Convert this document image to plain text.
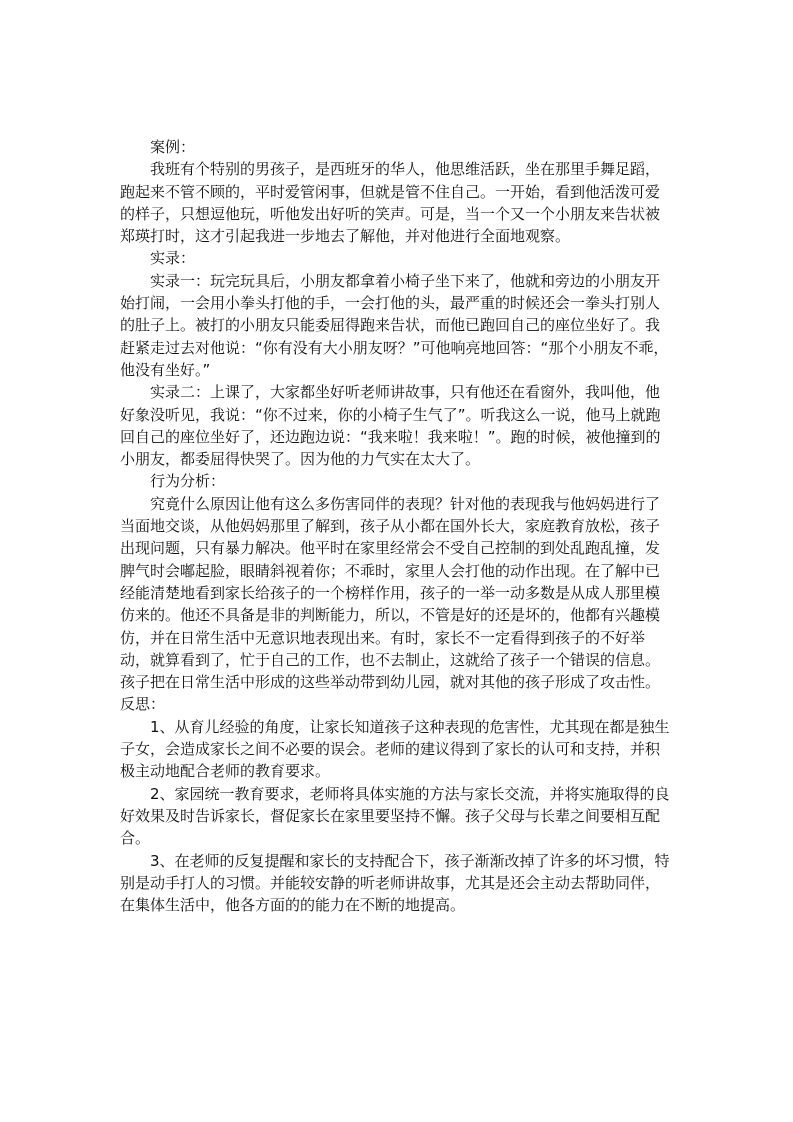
案例：

我班有个特别的男孩子，是西班牙的华人，他思维活跃，坐在那里手舞足蹈，跑起来不管不顾的，平时爱管闲事，但就是管不住自己。一开始，看到他活泼可爱的样子，只想逗他玩，听他发出好听的笑声。可是，当一个又一个小朋友来告状被郑瑛打时，这才引起我进一步地去了解他，并对他进行全面地观察。

实录：

实录一：玩完玩具后，小朋友都拿着小椅子坐下来了，他就和旁边的小朋友开始打闹，一会用小拳头打他的手，一会打他的头，最严重的时候还会一拳头打别人的肚子上。被打的小朋友只能委屈得跑来告状，而他已跑回自己的座位坐好了。我赶紧走过去对他说：“你有没有大小朋友呀？”可他响亮地回答：“那个小朋友不乖，他没有坐好。”

实录二：上课了，大家都坐好听老师讲故事，只有他还在看窗外，我叫他，他好象没听见，我说：“你不过来，你的小椅子生气了”。听我这么一说，他马上就跑回自己的座位坐好了，还边跑边说：“我来啦！我来啦！”。跑的时候，被他撞到的小朋友，都委屈得快哭了。因为他的力气实在太大了。

行为分析：

究竟什么原因让他有这么多伤害同伴的表现？针对他的表现我与他妈妈进行了当面地交谈，从他妈妈那里了解到，孩子从小都在国外长大，家庭教育放松，孩子出现问题，只有暴力解决。他平时在家里经常会不受自己控制的到处乱跑乱撞，发脾气时会嘟起脸，眼睛斜视着你；不乖时，家里人会打他的动作出现。在了解中已经能清楚地看到家长给孩子的一个榜样作用，孩子的一举一动多数是从成人那里模仿来的。他还不具备是非的判断能力，所以，不管是好的还是坏的，他都有兴趣模仿，并在日常生活中无意识地表现出来。有时，家长不一定看得到孩子的不好举动，就算看到了，忙于自己的工作，也不去制止，这就给了孩子一个错误的信息。孩子把在日常生活中形成的这些举动带到幼儿园，就对其他的孩子形成了攻击性。反思：

1、从育儿经验的角度，让家长知道孩子这种表现的危害性，尤其现在都是独生子女，会造成家长之间不必要的误会。老师的建议得到了家长的认可和支持，并积极主动地配合老师的教育要求。

2、家园统一教育要求，老师将具体实施的方法与家长交流，并将实施取得的良好效果及时告诉家长，督促家长在家里要坚持不懈。孩子父母与长辈之间要相互配合。

3、在老师的反复提醒和家长的支持配合下，孩子渐渐改掉了许多的坏习惯，特别是动手打人的习惯。并能较安静的听老师讲故事，尤其是还会主动去帮助同伴，在集体生活中，他各方面的的能力在不断的地提高。
